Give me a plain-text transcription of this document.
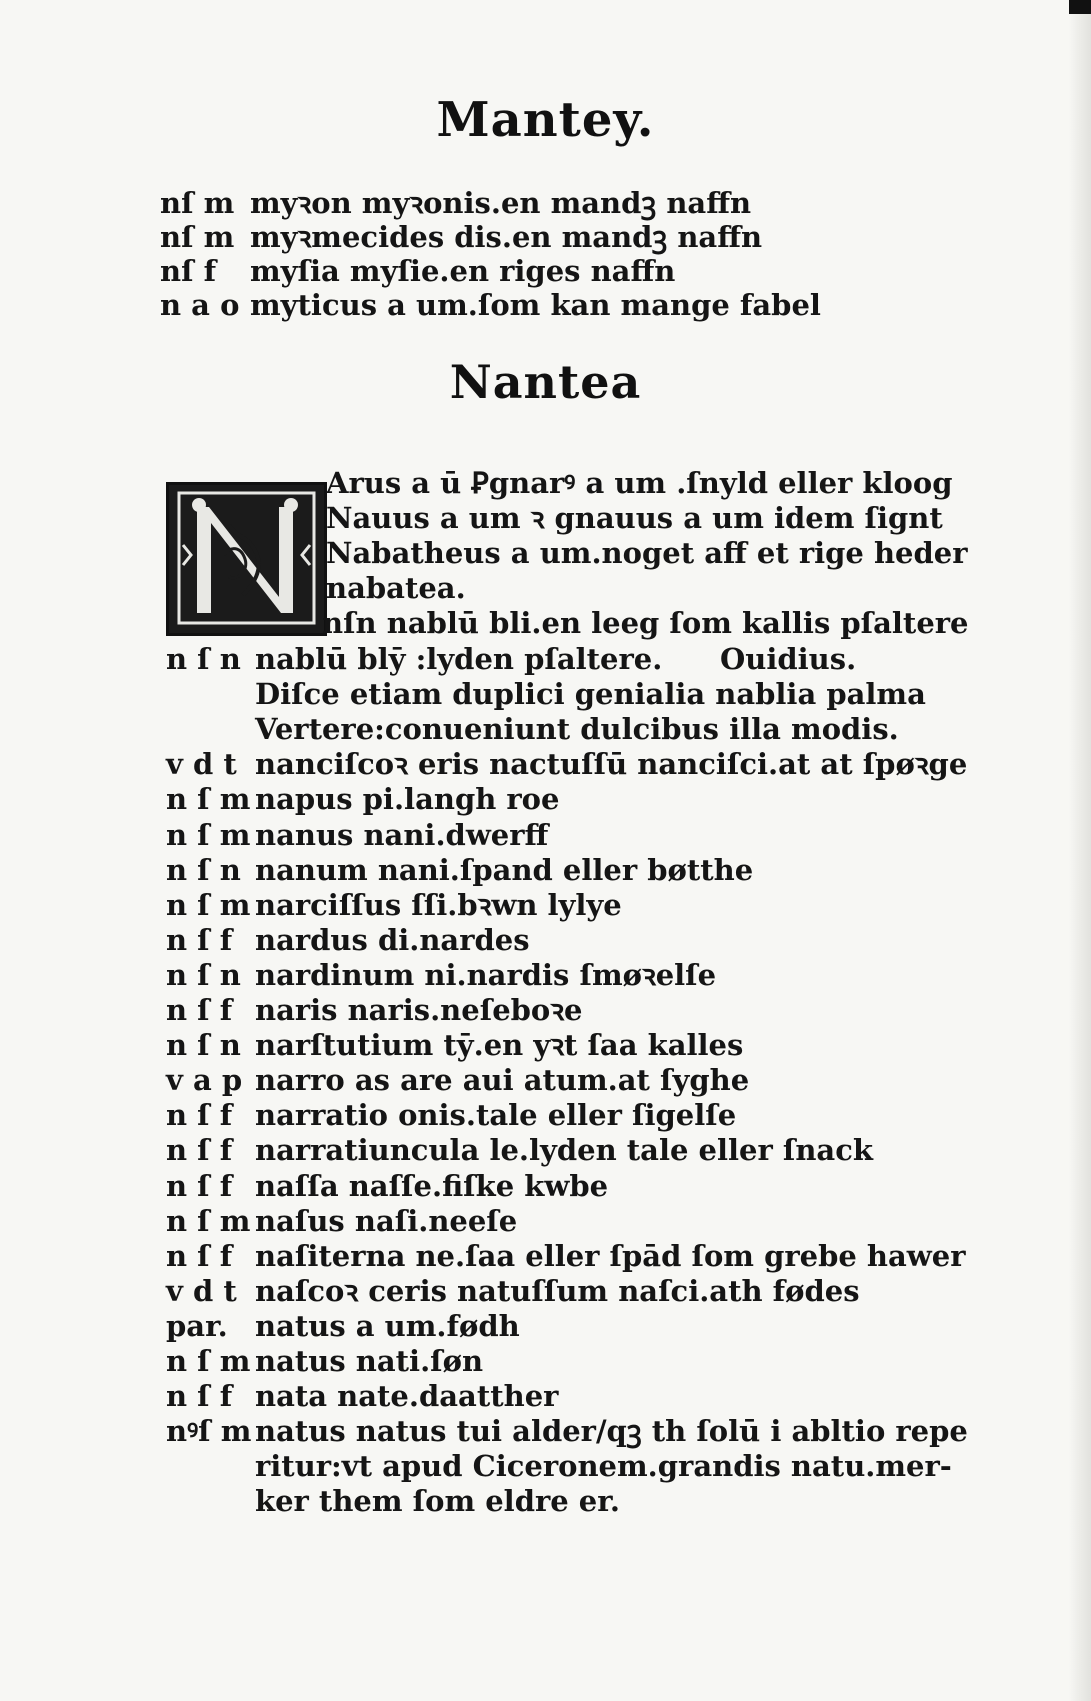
Mantey.
nſ m myꝛon myꝛonis.en mandꝫ naffn
nſ m myꝛmecides dis.en mandꝫ naffn
nſ f myſia myſie.en riges naffn
n a o myticus a um.ſom kan mange fabel
Nantea
Arus a ū Ꝑgnarꝰ a um .ſnyld eller kloog
Nauus a um ꝛ gnauus a um idem ſignt
Nabatheus a um.noget aff et rige heder
nabatea.
nſn nablū bli.en leeg ſom kallis pſaltere
n ſ n nablū blȳ :lyden pſaltere. Ouidius.
Diſce etiam duplici genialia nablia palma
Vertere:conueniunt dulcibus illa modis.
v d t nanciſcoꝛ eris nactuſſū nanciſci.at at ſpøꝛge
n ſ m napus pi.langh roe
n ſ m nanus nani.dwerff
n ſ n nanum nani.ſpand eller bøtthe
n ſ m narciſſus ſſi.bꝛwn lylye
n ſ f nardus di.nardes
n ſ n nardinum ni.nardis ſmøꝛelſe
n ſ f naris naris.neſeboꝛe
n ſ n narſtutium tȳ.en yꝛt ſaa kalles
v a p narro as are aui atum.at ſyghe
n ſ f narratio onis.tale eller ſigelſe
n ſ f narratiuncula le.lyden tale eller ſnack
n ſ f naſſa naſſe.fiſke kwbe
n ſ m naſus naſi.neeſe
n ſ f naſiterna ne.ſaa eller ſpād ſom grebe hawer
v d t naſcoꝛ ceris natuſſum naſci.ath fødes
par. natus a um.fødh
n ſ m natus nati.ſøn
n ſ f nata nate.daatther
nꝰſ m natus natus tui alder/qꝫ th ſolū i abltio repe
ritur:vt apud Ciceronem.grandis natu.mer-
ker them ſom eldre er.
